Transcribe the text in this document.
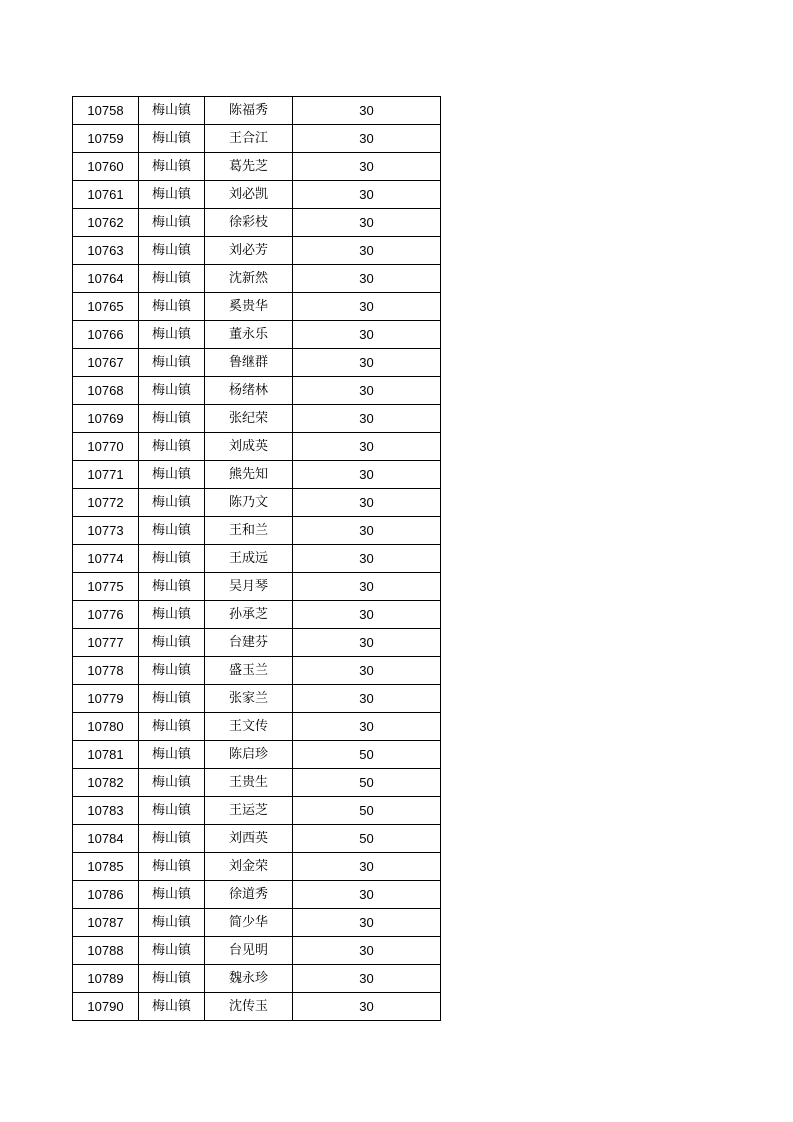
10758	梅山镇	陈福秀	30
10759	梅山镇	王合江	30
10760	梅山镇	葛先芝	30
10761	梅山镇	刘必凯	30
10762	梅山镇	徐彩枝	30
10763	梅山镇	刘必芳	30
10764	梅山镇	沈新然	30
10765	梅山镇	奚贵华	30
10766	梅山镇	董永乐	30
10767	梅山镇	鲁继群	30
10768	梅山镇	杨绪林	30
10769	梅山镇	张纪荣	30
10770	梅山镇	刘成英	30
10771	梅山镇	熊先知	30
10772	梅山镇	陈乃文	30
10773	梅山镇	王和兰	30
10774	梅山镇	王成远	30
10775	梅山镇	吴月琴	30
10776	梅山镇	孙承芝	30
10777	梅山镇	台建芬	30
10778	梅山镇	盛玉兰	30
10779	梅山镇	张家兰	30
10780	梅山镇	王文传	30
10781	梅山镇	陈启珍	50
10782	梅山镇	王贵生	50
10783	梅山镇	王运芝	50
10784	梅山镇	刘西英	50
10785	梅山镇	刘金荣	30
10786	梅山镇	徐道秀	30
10787	梅山镇	简少华	30
10788	梅山镇	台见明	30
10789	梅山镇	魏永珍	30
10790	梅山镇	沈传玉	30
